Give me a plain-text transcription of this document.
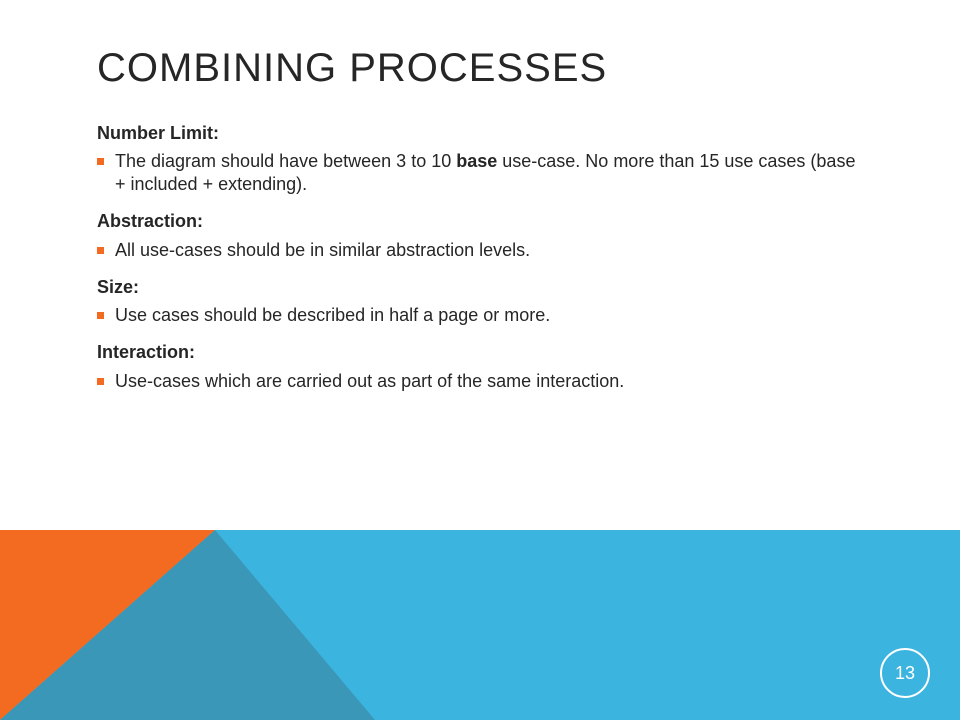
COMBINING PROCESSES
Number Limit:
The diagram should have between 3 to 10 base use-case. No more than 15 use cases (base + included + extending).
Abstraction:
All use-cases should be in similar abstraction levels.
Size:
Use cases should be described in half a page or more.
Interaction:
Use-cases which are carried out as part of the same interaction.
13
